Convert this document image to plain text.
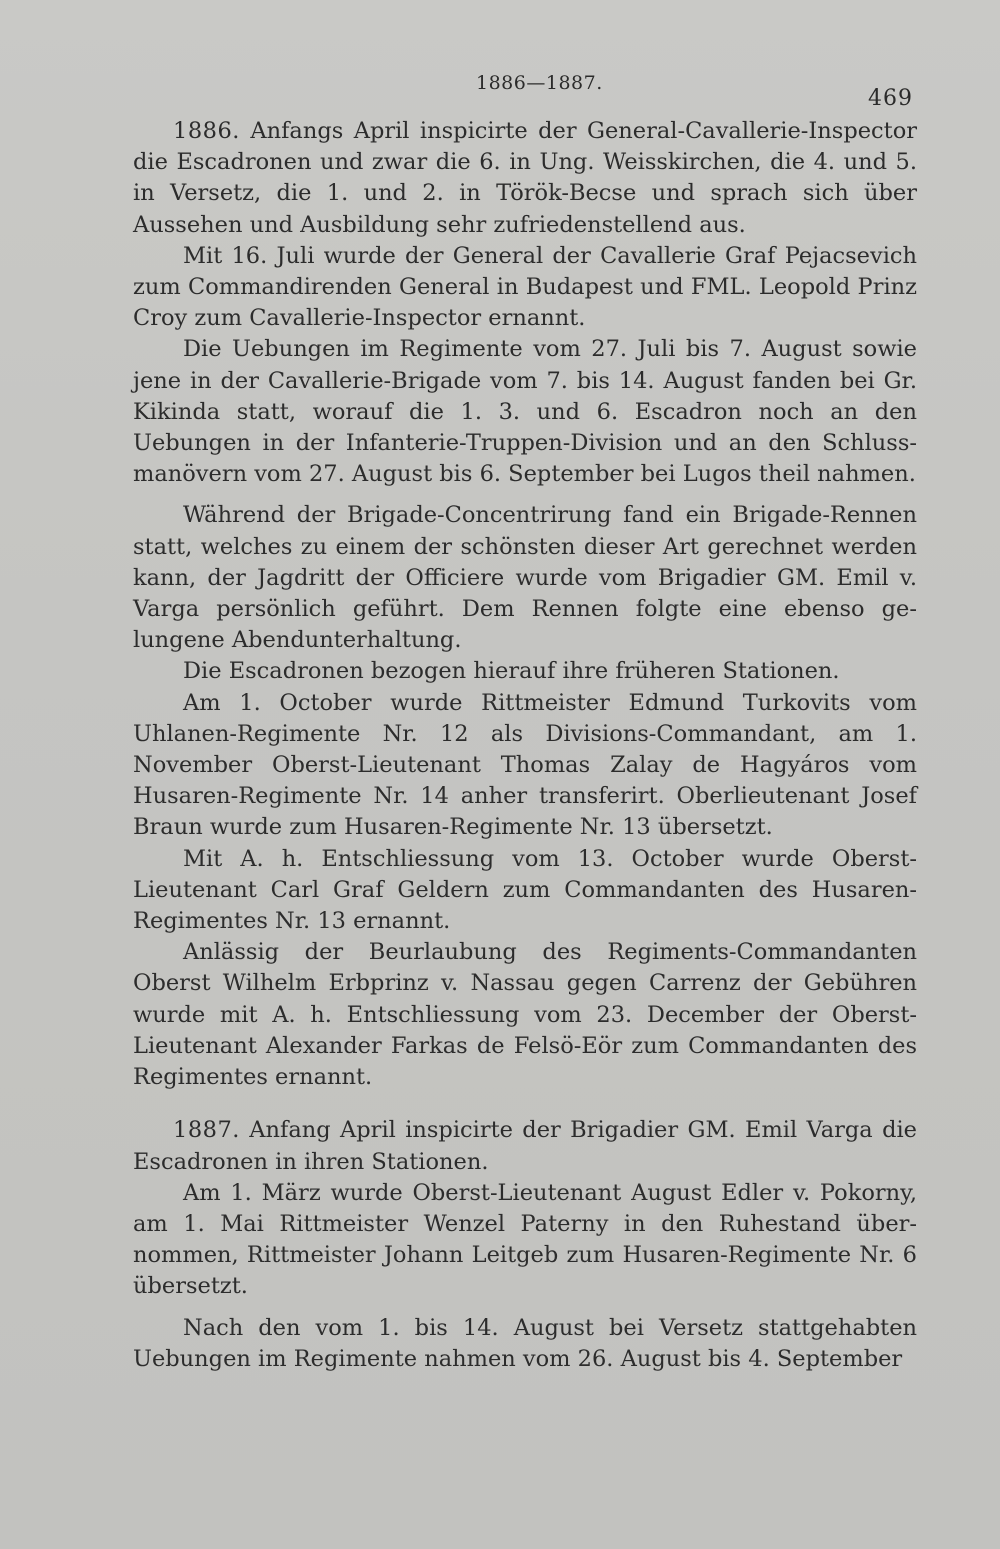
1886—1887.
469

1886. Anfangs April inspicirte der General-Cavallerie-Inspector die Escadronen und zwar die 6. in Ung. Weisskirchen, die 4. und 5. in Versetz, die 1. und 2. in Török-Becse und sprach sich über Aussehen und Ausbildung sehr zufriedenstellend aus.

Mit 16. Juli wurde der General der Cavallerie Graf Pejacsevich zum Commandirenden General in Budapest und FML. Leopold Prinz Croy zum Cavallerie-Inspector ernannt.

Die Uebungen im Regimente vom 27. Juli bis 7. August sowie jene in der Cavallerie-Brigade vom 7. bis 14. August fanden bei Gr. Kikinda statt, worauf die 1. 3. und 6. Escadron noch an den Uebungen in der Infanterie-Truppen-Division und an den Schlussmanövern vom 27. August bis 6. September bei Lugos theil nahmen.

Während der Brigade-Concentrirung fand ein Brigade-Rennen statt, welches zu einem der schönsten dieser Art gerechnet werden kann, der Jagdritt der Officiere wurde vom Brigadier GM. Emil v. Varga persönlich geführt. Dem Rennen folgte eine ebenso gelungene Abendunterhaltung.

Die Escadronen bezogen hierauf ihre früheren Stationen.

Am 1. October wurde Rittmeister Edmund Turkovits vom Uhlanen-Regimente Nr. 12 als Divisions-Commandant, am 1. November Oberst-Lieutenant Thomas Zalay de Hagyáros vom Husaren-Regimente Nr. 14 anher transferirt. Oberlieutenant Josef Braun wurde zum Husaren-Regimente Nr. 13 übersetzt.

Mit A. h. Entschliessung vom 13. October wurde Oberst-Lieutenant Carl Graf Geldern zum Commandanten des Husaren-Regimentes Nr. 13 ernannt.

Anlässig der Beurlaubung des Regiments-Commandanten Oberst Wilhelm Erbprinz v. Nassau gegen Carrenz der Gebühren wurde mit A. h. Entschliessung vom 23. December der Oberst-Lieutenant Alexander Farkas de Felsö-Eör zum Commandanten des Regimentes ernannt.

1887. Anfang April inspicirte der Brigadier GM. Emil Varga die Escadronen in ihren Stationen.

Am 1. März wurde Oberst-Lieutenant August Edler v. Pokorny, am 1. Mai Rittmeister Wenzel Paterny in den Ruhestand übernommen, Rittmeister Johann Leitgeb zum Husaren-Regimente Nr. 6 übersetzt.

Nach den vom 1. bis 14. August bei Versetz stattgehabten Uebungen im Regimente nahmen vom 26. August bis 4. September
